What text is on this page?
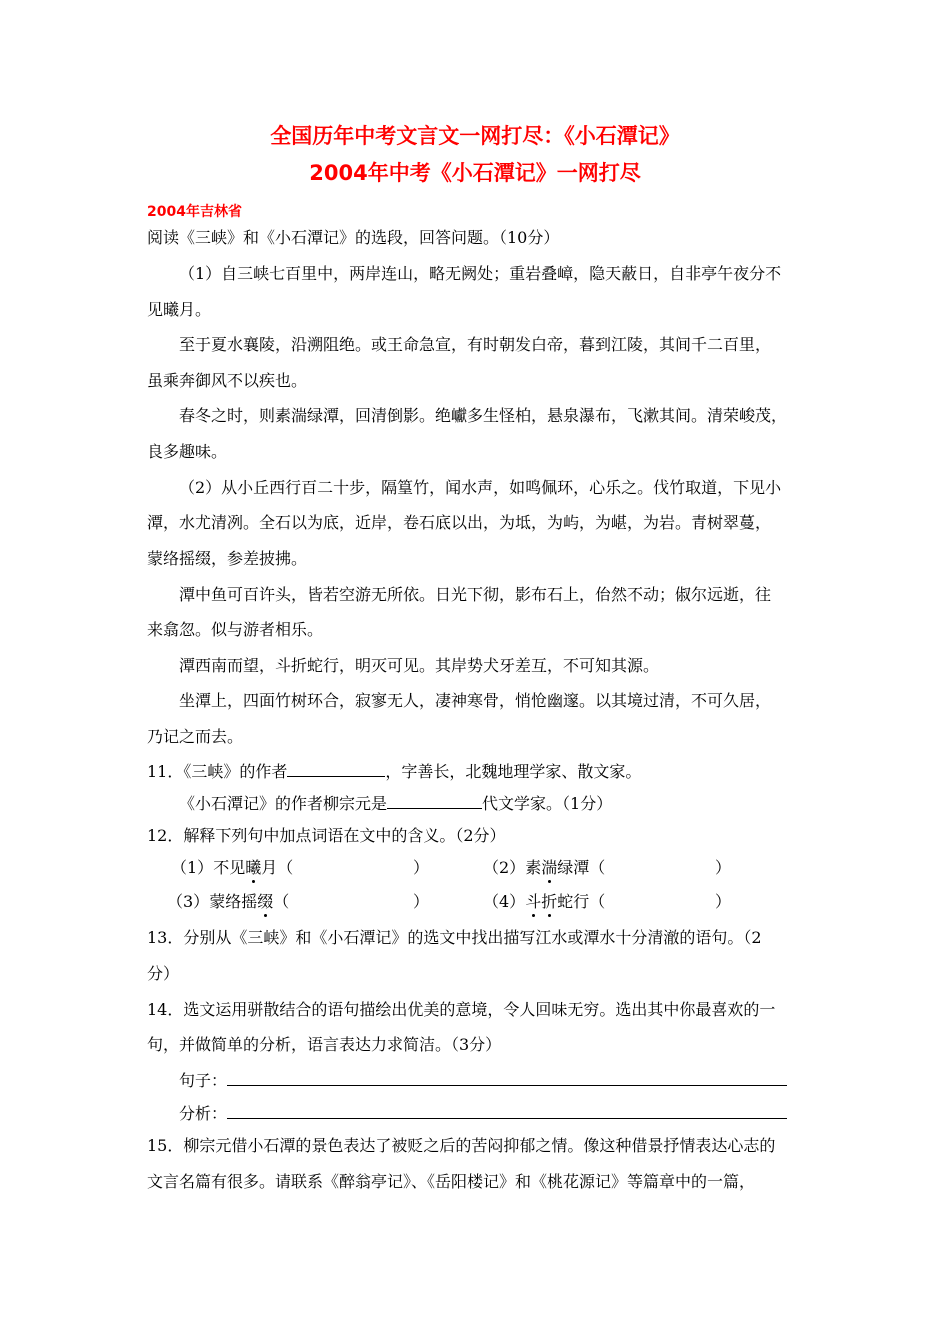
全国历年中考文言文一网打尽：《小石潭记》
2004年中考《小石潭记》一网打尽
2004年吉林省
阅读《三峡》和《小石潭记》的选段，回答问题。（10分）
（1）自三峡七百里中，两岸连山，略无阙处；重岩叠嶂，隐天蔽日，自非亭午夜分不
见曦月。
至于夏水襄陵，沿溯阻绝。或王命急宣，有时朝发白帝，暮到江陵，其间千二百里，
虽乘奔御风不以疾也。
春冬之时，则素湍绿潭，回清倒影。绝巘多生怪柏，悬泉瀑布，飞漱其间。清荣峻茂，
良多趣味。
（2）从小丘西行百二十步，隔篁竹，闻水声，如鸣佩环，心乐之。伐竹取道，下见小
潭，水尤清冽。全石以为底，近岸，卷石底以出，为坻，为屿，为嵁，为岩。青树翠蔓，
蒙络摇缀，参差披拂。
潭中鱼可百许头，皆若空游无所依。日光下彻，影布石上，佁然不动；俶尔远逝，往
来翕忽。似与游者相乐。
潭西南而望，斗折蛇行，明灭可见。其岸势犬牙差互，不可知其源。
坐潭上，四面竹树环合，寂寥无人，凄神寒骨，悄怆幽邃。以其境过清，不可久居，
乃记之而去。
11．《三峡》的作者	，字善长，北魏地理学家、散文家。
《小石潭记》的作者柳宗元是	代文学家。（1分）
12．解释下列句中加点词语在文中的含义。（2分）
（1）不见曦月（	）	（2）素湍绿潭（	）
（3）蒙络摇缀（	）	（4）斗折蛇行（	）
13．分别从《三峡》和《小石潭记》的选文中找出描写江水或潭水十分清澈的语句。（2
分）
14．选文运用骈散结合的语句描绘出优美的意境，令人回味无穷。选出其中你最喜欢的一
句，并做简单的分析，语言表达力求简洁。（3分）
句子：
分析：
15．柳宗元借小石潭的景色表达了被贬之后的苦闷抑郁之情。像这种借景抒情表达心志的
文言名篇有很多。请联系《醉翁亭记》、《岳阳楼记》和《桃花源记》等篇章中的一篇，
